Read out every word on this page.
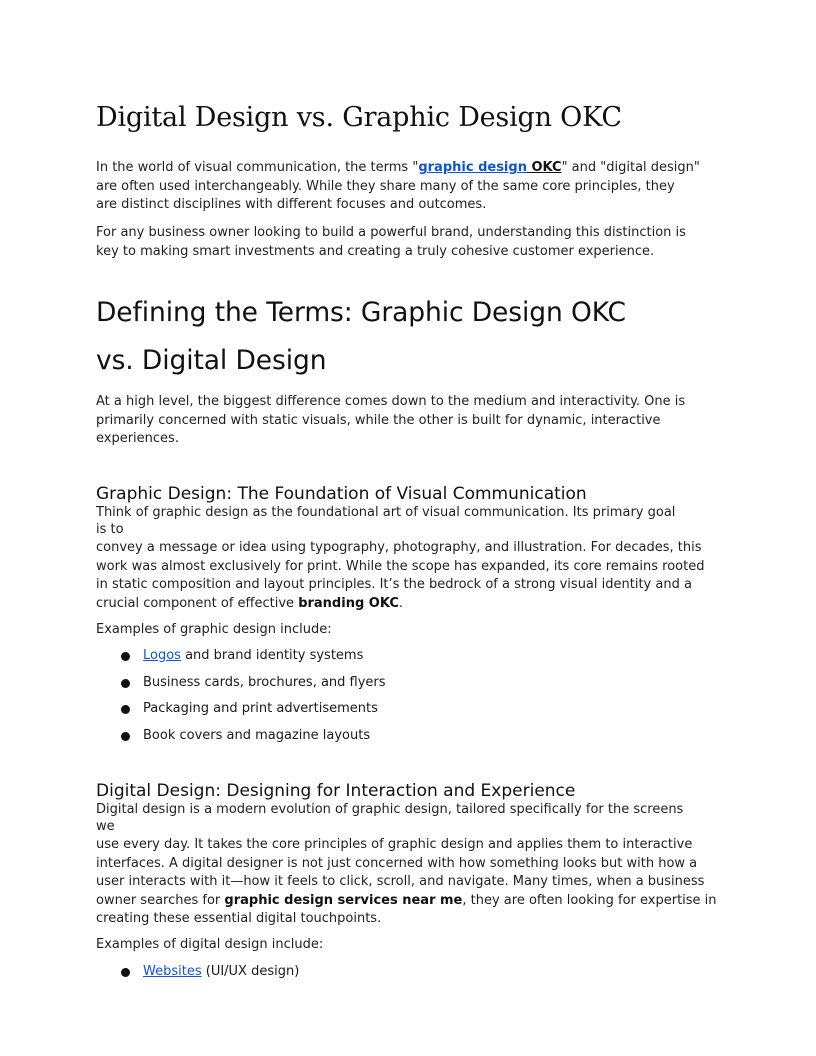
Digital Design vs. Graphic Design OKC

In the world of visual communication, the terms "graphic design OKC" and "digital design"
are often used interchangeably. While they share many of the same core principles, they
are distinct disciplines with different focuses and outcomes.

For any business owner looking to build a powerful brand, understanding this distinction is
key to making smart investments and creating a truly cohesive customer experience.

Defining the Terms: Graphic Design OKC
vs. Digital Design

At a high level, the biggest difference comes down to the medium and interactivity. One is
primarily concerned with static visuals, while the other is built for dynamic, interactive
experiences.

Graphic Design: The Foundation of Visual Communication

Think of graphic design as the foundational art of visual communication. Its primary goal
is to

convey a message or idea using typography, photography, and illustration. For decades, this
work was almost exclusively for print. While the scope has expanded, its core remains rooted
in static composition and layout principles. It’s the bedrock of a strong visual identity and a
crucial component of effective branding OKC.

Examples of graphic design include:

Logos and brand identity systems
Business cards, brochures, and flyers
Packaging and print advertisements
Book covers and magazine layouts
Digital Design: Designing for Interaction and Experience

Digital design is a modern evolution of graphic design, tailored specifically for the screens
we

use every day. It takes the core principles of graphic design and applies them to interactive
interfaces. A digital designer is not just concerned with how something looks but with how a
user interacts with it—how it feels to click, scroll, and navigate. Many times, when a business
owner searches for graphic design services near me, they are often looking for expertise in
creating these essential digital touchpoints.

Examples of digital design include:

Websites (UI/UX design)
